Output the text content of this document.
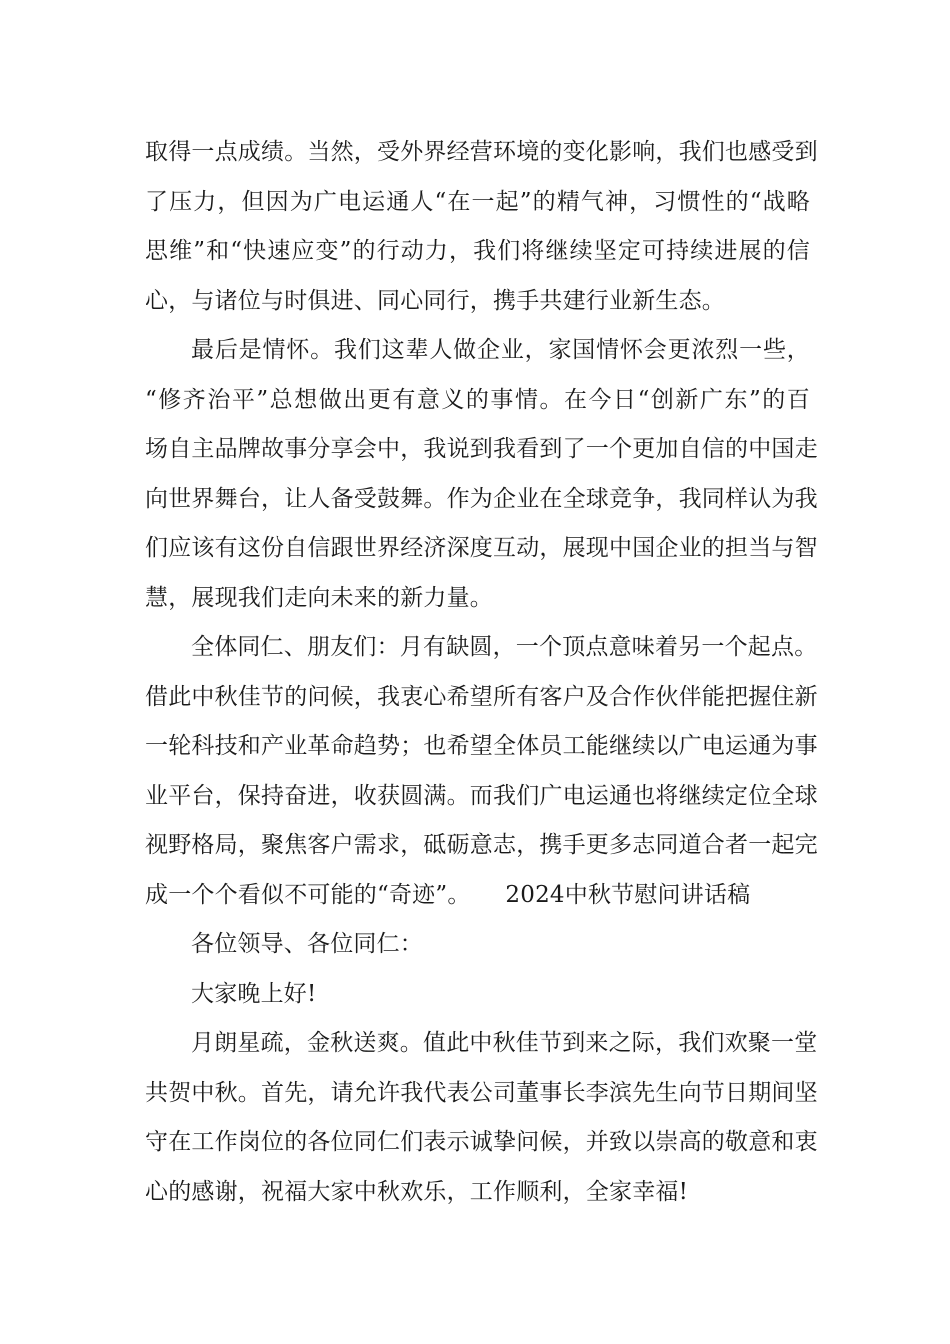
取得一点成绩。当然，受外界经营环境的变化影响，我们也感受到
了压力，但因为广电运通人“在一起”的精气神，习惯性的“战略
思维”和“快速应变”的行动力，我们将继续坚定可持续进展的信
心，与诸位与时俱进、同心同行，携手共建行业新生态。
最后是情怀。我们这辈人做企业，家国情怀会更浓烈一些，
“修齐治平”总想做出更有意义的事情。在今日“创新广东”的百
场自主品牌故事分享会中，我说到我看到了一个更加自信的中国走
向世界舞台，让人备受鼓舞。作为企业在全球竞争，我同样认为我
们应该有这份自信跟世界经济深度互动，展现中国企业的担当与智
慧，展现我们走向未来的新力量。
全体同仁、朋友们：月有缺圆，一个顶点意味着另一个起点。
借此中秋佳节的问候，我衷心希望所有客户及合作伙伴能把握住新
一轮科技和产业革命趋势；也希望全体员工能继续以广电运通为事
业平台，保持奋进，收获圆满。而我们广电运通也将继续定位全球
视野格局，聚焦客户需求，砥砺意志，携手更多志同道合者一起完
成一个个看似不可能的“奇迹”。　　2024中秋节慰问讲话稿
各位领导、各位同仁：
大家晚上好!
月朗星疏，金秋送爽。值此中秋佳节到来之际，我们欢聚一堂
共贺中秋。首先，请允许我代表公司董事长李滨先生向节日期间坚
守在工作岗位的各位同仁们表示诚挚问候，并致以崇高的敬意和衷
心的感谢，祝福大家中秋欢乐，工作顺利，全家幸福!
